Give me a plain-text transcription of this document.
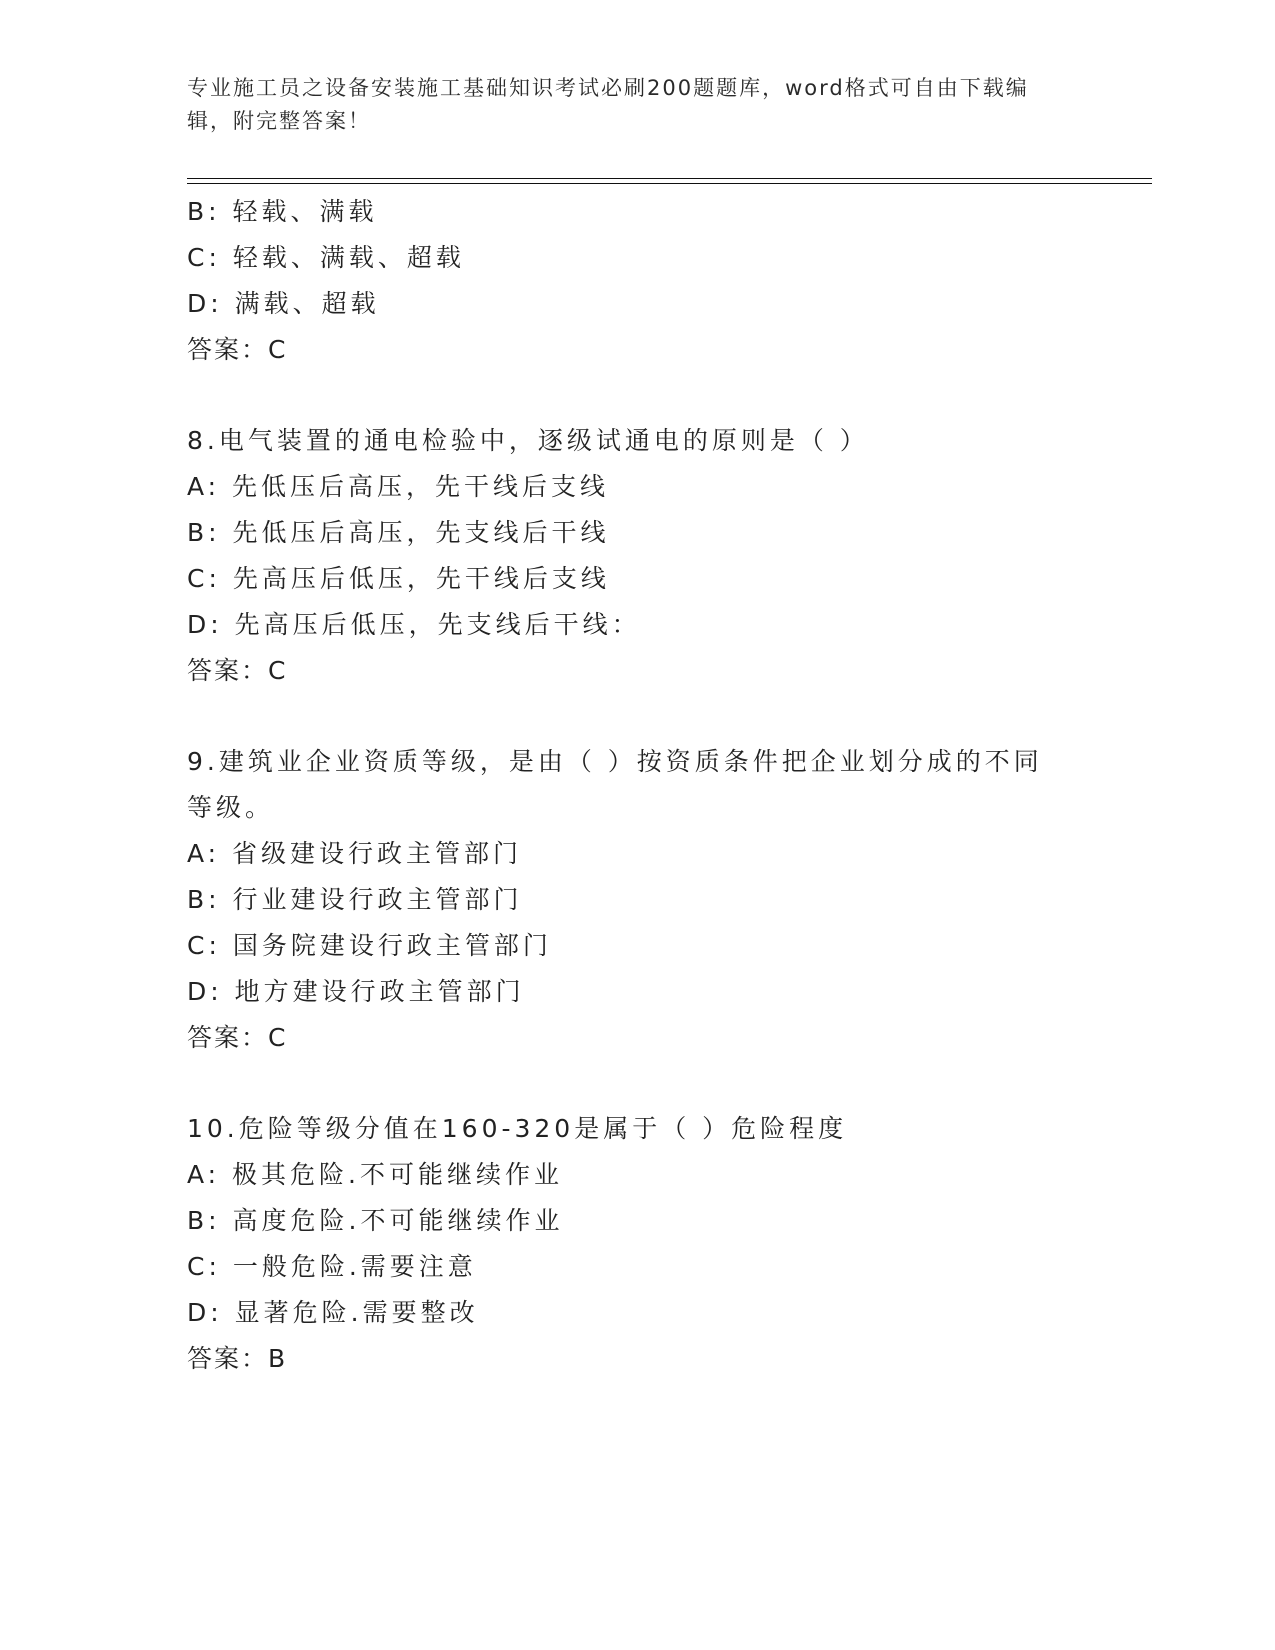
专业施工员之设备安装施工基础知识考试必刷200题题库，word格式可自由下载编辑，附完整答案！
B: 轻载、满载
C: 轻载、满载、超载
D: 满载、超载
答案：C
8.电气装置的通电检验中，逐级试通电的原则是（ ）
A: 先低压后高压，先干线后支线
B: 先低压后高压，先支线后干线
C: 先高压后低压，先干线后支线
D: 先高压后低压，先支线后干线：
答案：C
9.建筑业企业资质等级，是由（ ）按资质条件把企业划分成的不同等级。
A: 省级建设行政主管部门
B: 行业建设行政主管部门
C: 国务院建设行政主管部门
D: 地方建设行政主管部门
答案：C
10.危险等级分值在160-320是属于（ ）危险程度
A: 极其危险.不可能继续作业
B: 高度危险.不可能继续作业
C: 一般危险.需要注意
D: 显著危险.需要整改
答案：B
